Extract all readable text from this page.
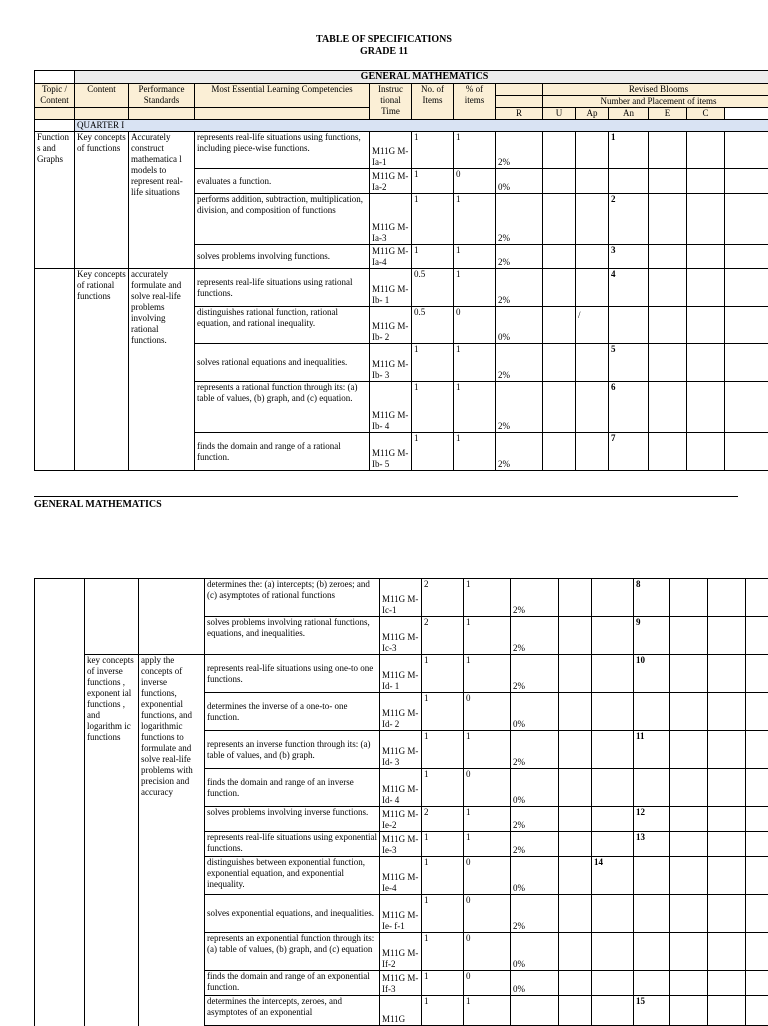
TABLE OF SPECIFICATIONS
GRADE 11
	GENERAL MATHEMATICS												
Topic / Content	Content	Performance Standards	Most Essential Learning Competencies	Instruc tional Time	No. of Items	% of items		Revised Blooms					
								Number and Placement of items					
							R	U	Ap	An	E	C	
	QUARTER I												
Function s and Graphs	Key concepts of functions	Accurately construct mathematica l models to represent real-life situations	represents real-life situations using functions, including piece-wise functions.	M11G M-Ia-1	1	1	2%			1			
			evaluates a function.	M11G M-Ia-2	1	0	0%						
			performs addition, subtraction, multiplication, division, and composition of functions	M11G M-Ia-3	1	1	2%			2			
			solves problems involving functions.	M11G M-Ia-4	1	1	2%			3			
	Key concepts of rational functions	accurately formulate and solve real-life problems involving rational functions.	represents real-life situations using rational functions.	M11G M-Ib- 1	0.5	1	2%			4			
			distinguishes rational function, rational equation, and rational inequality.	M11G M-Ib- 2	0.5	0	0%		/				
			solves rational equations and inequalities.	M11G M-Ib- 3	1	1	2%			5			
			represents a rational function through its: (a) table of values, (b) graph, and (c) equation.	M11G M-Ib- 4	1	1	2%			6			
			finds the domain and range of a rational function.	M11G M-Ib- 5	1	1	2%			7			
GENERAL MATHEMATICS
			determines the: (a) intercepts; (b) zeroes; and (c) asymptotes of rational functions	M11G M-Ic-1	2	1	2%			8			
			solves problems involving rational functions, equations, and inequalities.	M11G M-Ic-3	2	1	2%			9			
	key concepts of inverse functions , exponent ial functions , and logarithm ic functions	apply the concepts of inverse functions, exponential functions, and logarithmic functions to formulate and solve real-life problems with precision and accuracy	represents real-life situations using one-to one functions.	M11G M-Id- 1	1	1	2%			10			
			determines the inverse of a one-to- one function.	M11G M-Id- 2	1	0	0%						
			represents an inverse function through its: (a) table of values, and (b) graph.	M11G M-Id- 3	1	1	2%			11			
			finds the domain and range of an inverse function.	M11G M-Id- 4	1	0	0%						
			solves problems involving inverse functions.	M11G M-Ie-2	2	1	2%			12			
			represents real-life situations using exponential functions.	M11G M-Ie-3	1	1	2%			13			
			distinguishes between exponential function, exponential equation, and exponential inequality.	M11G M-Ie-4	1	0	0%		14				
			solves exponential equations, and inequalities.	M11G M-Ie- f-1	1	0	2%						
			represents an exponential function through its: (a) table of values, (b) graph, and (c) equation	M11G M-If-2	1	0	0%						
			finds the domain and range of an exponential function.	M11G M-If-3	1	0	0%						
			determines the intercepts, zeroes, and asymptotes of an exponential	M11G	1	1				15			
